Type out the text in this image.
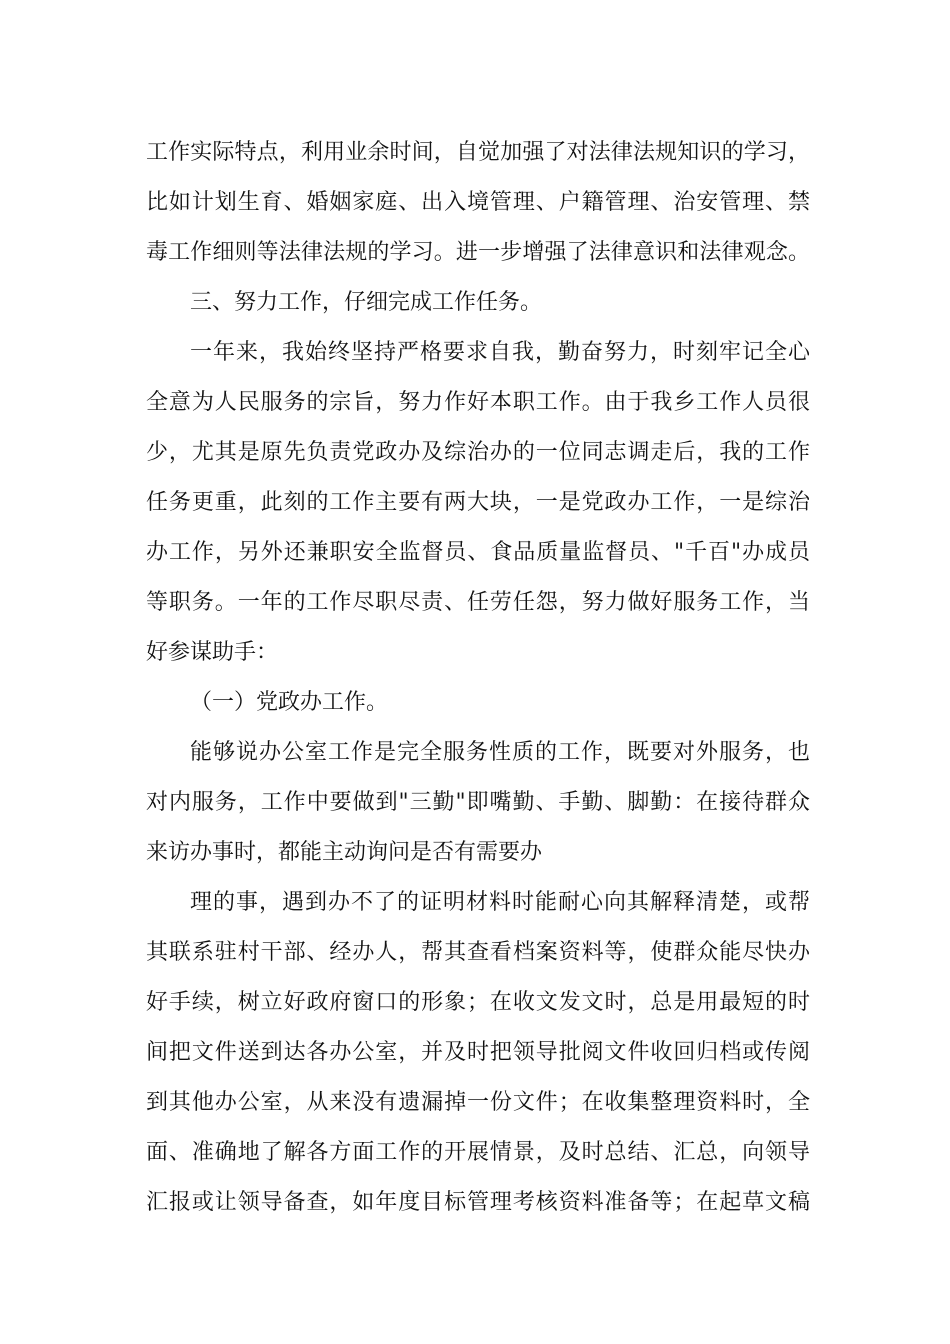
工作实际特点，利用业余时间，自觉加强了对法律法规知识的学习，
比如计划生育、婚姻家庭、出入境管理、户籍管理、治安管理、禁
毒工作细则等法律法规的学习。进一步增强了法律意识和法律观念。
三、努力工作，仔细完成工作任务。
一年来，我始终坚持严格要求自我，勤奋努力，时刻牢记全心
全意为人民服务的宗旨，努力作好本职工作。由于我乡工作人员很
少，尤其是原先负责党政办及综治办的一位同志调走后，我的工作
任务更重，此刻的工作主要有两大块，一是党政办工作，一是综治
办工作，另外还兼职安全监督员、食品质量监督员、"千百"办成员
等职务。一年的工作尽职尽责、任劳任怨，努力做好服务工作，当
好参谋助手：
（一）党政办工作。
能够说办公室工作是完全服务性质的工作，既要对外服务，也
对内服务，工作中要做到"三勤"即嘴勤、手勤、脚勤：在接待群众
来访办事时，都能主动询问是否有需要办
理的事，遇到办不了的证明材料时能耐心向其解释清楚，或帮
其联系驻村干部、经办人，帮其查看档案资料等，使群众能尽快办
好手续，树立好政府窗口的形象；在收文发文时，总是用最短的时
间把文件送到达各办公室，并及时把领导批阅文件收回归档或传阅
到其他办公室，从来没有遗漏掉一份文件；在收集整理资料时，全
面、准确地了解各方面工作的开展情景，及时总结、汇总，向领导
汇报或让领导备查，如年度目标管理考核资料准备等；在起草文稿
